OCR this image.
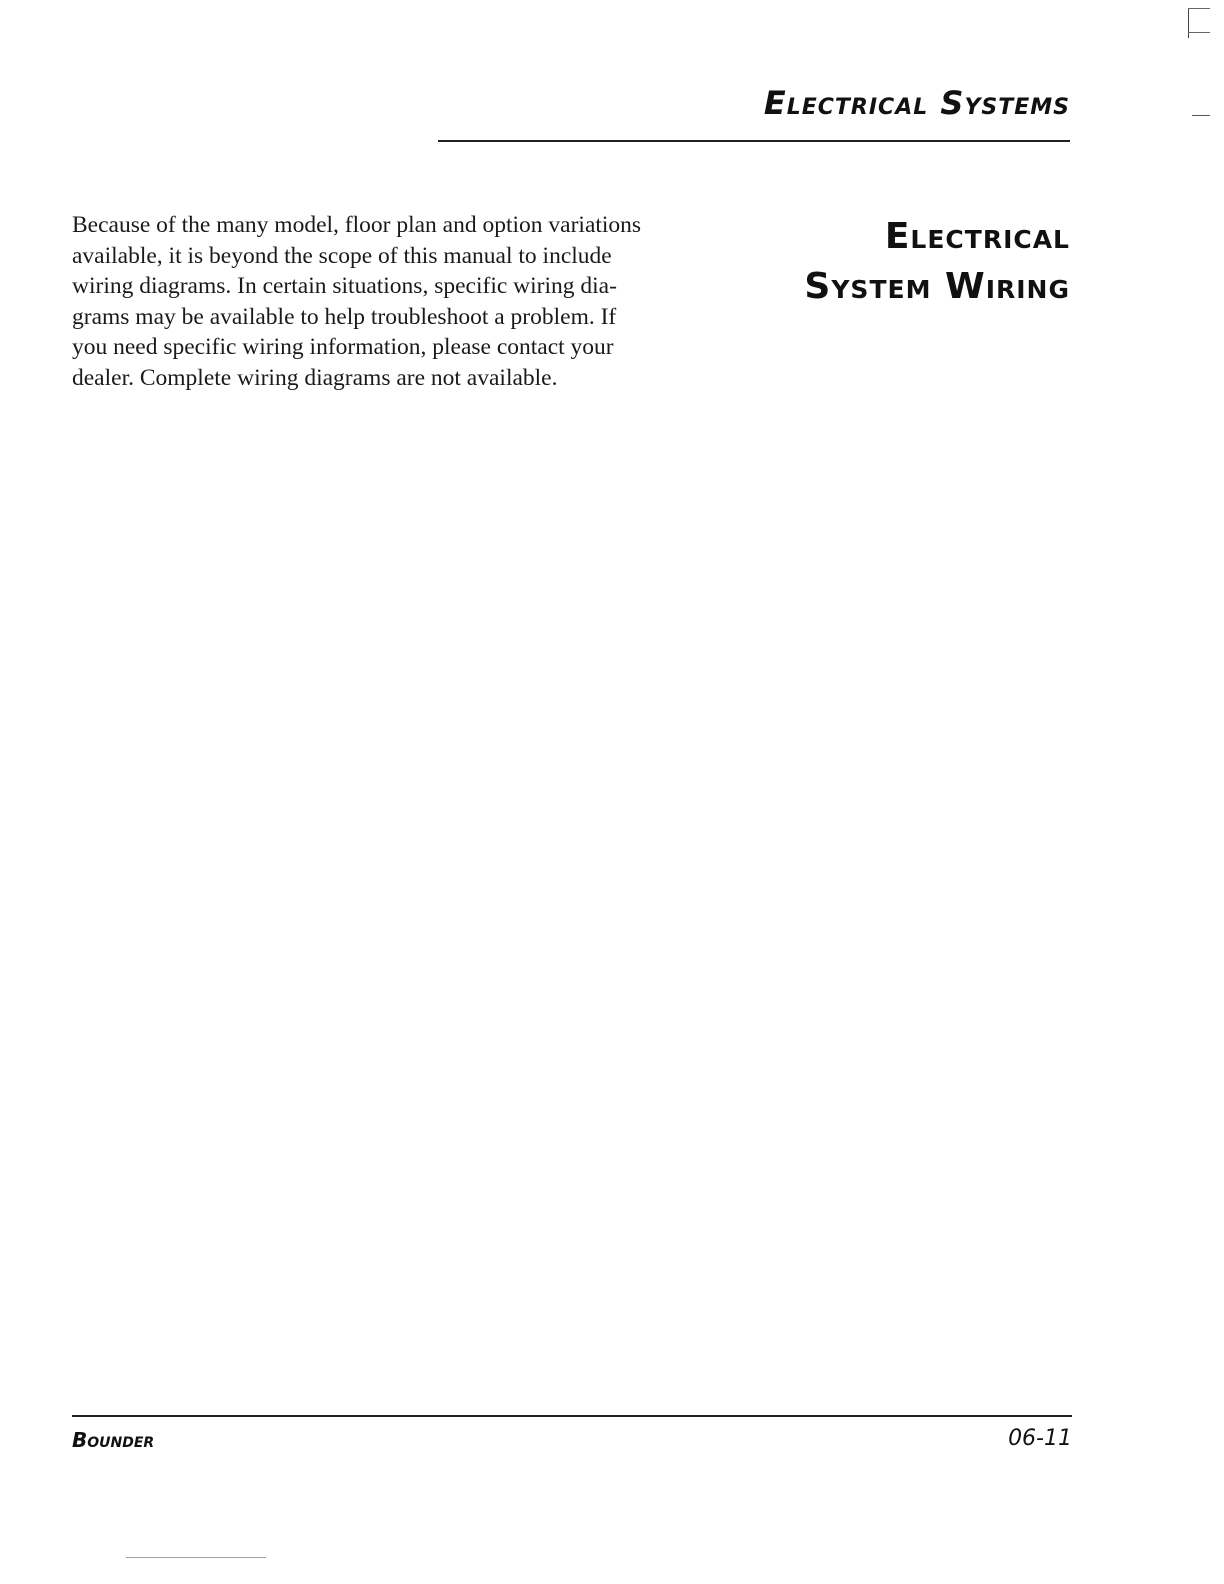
Electrical Systems
Because of the many model, floor plan and option variations
available, it is beyond the scope of this manual to include
wiring diagrams. In certain situations, specific wiring dia-
grams may be available to help troubleshoot a problem. If
you need specific wiring information, please contact your
dealer. Complete wiring diagrams are not available.
Electrical
System Wiring
Bounder	06-11
